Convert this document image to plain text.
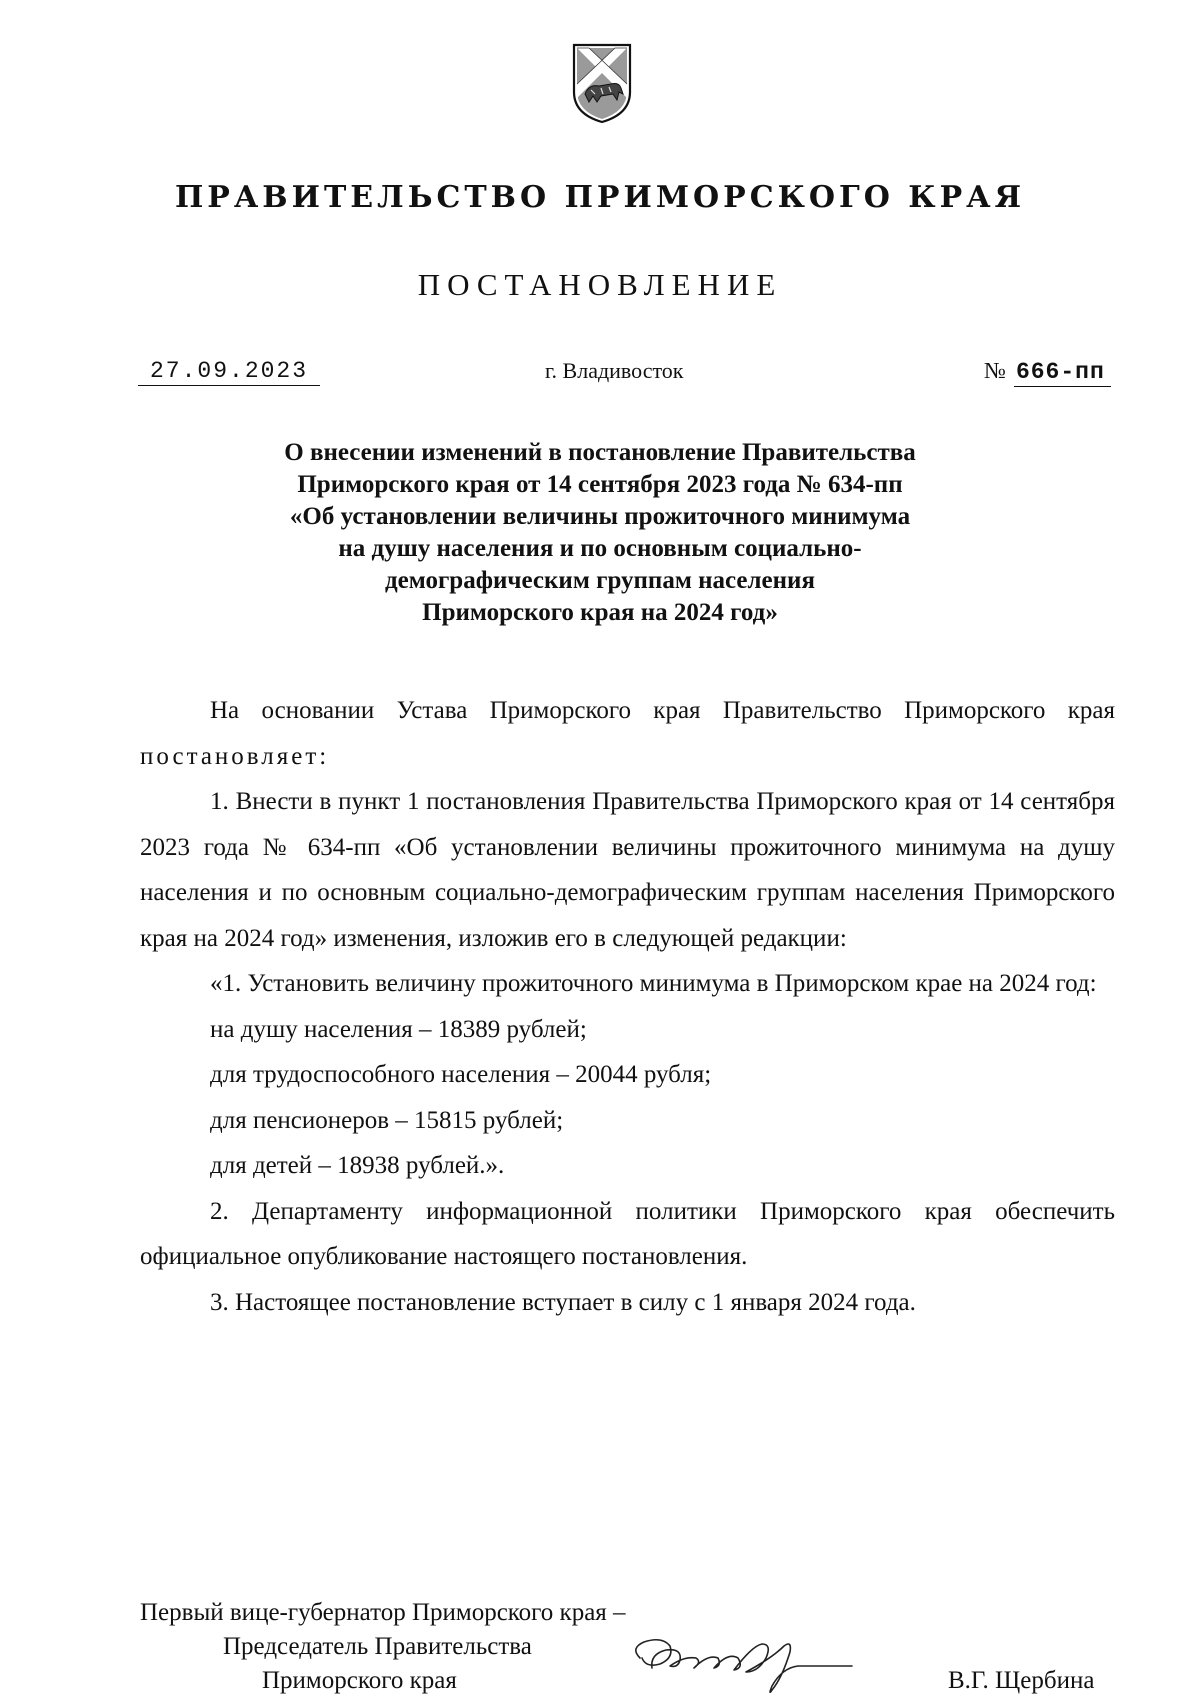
ПРАВИТЕЛЬСТВО ПРИМОРСКОГО КРАЯ
ПОСТАНОВЛЕНИЕ
27.09.2023	г. Владивосток	№ 666-пп
О внесении изменений в постановление Правительства
Приморского края от 14 сентября 2023 года № 634-пп
«Об установлении величины прожиточного минимума
на душу населения и по основным социально-
демографическим группам населения
Приморского края на 2024 год»

На основании Устава Приморского края Правительство Приморского края постановляет:

1. Внести в пункт 1 постановления Правительства Приморского края от 14 сентября 2023 года № 634-пп «Об установлении величины прожиточного минимума на душу населения и по основным социально-демографическим группам населения Приморского края на 2024 год» изменения, изложив его в следующей редакции:

«1. Установить величину прожиточного минимума в Приморском крае на 2024 год:

на душу населения – 18389 рублей;

для трудоспособного населения – 20044 рубля;

для пенсионеров – 15815 рублей;

для детей – 18938 рублей.».

2. Департаменту информационной политики Приморского края обеспечить официальное опубликование настоящего постановления.

3. Настоящее постановление вступает в силу с 1 января 2024 года.

Первый вице-губернатор Приморского края –
Председатель Правительства
Приморского края	В.Г. Щербина
